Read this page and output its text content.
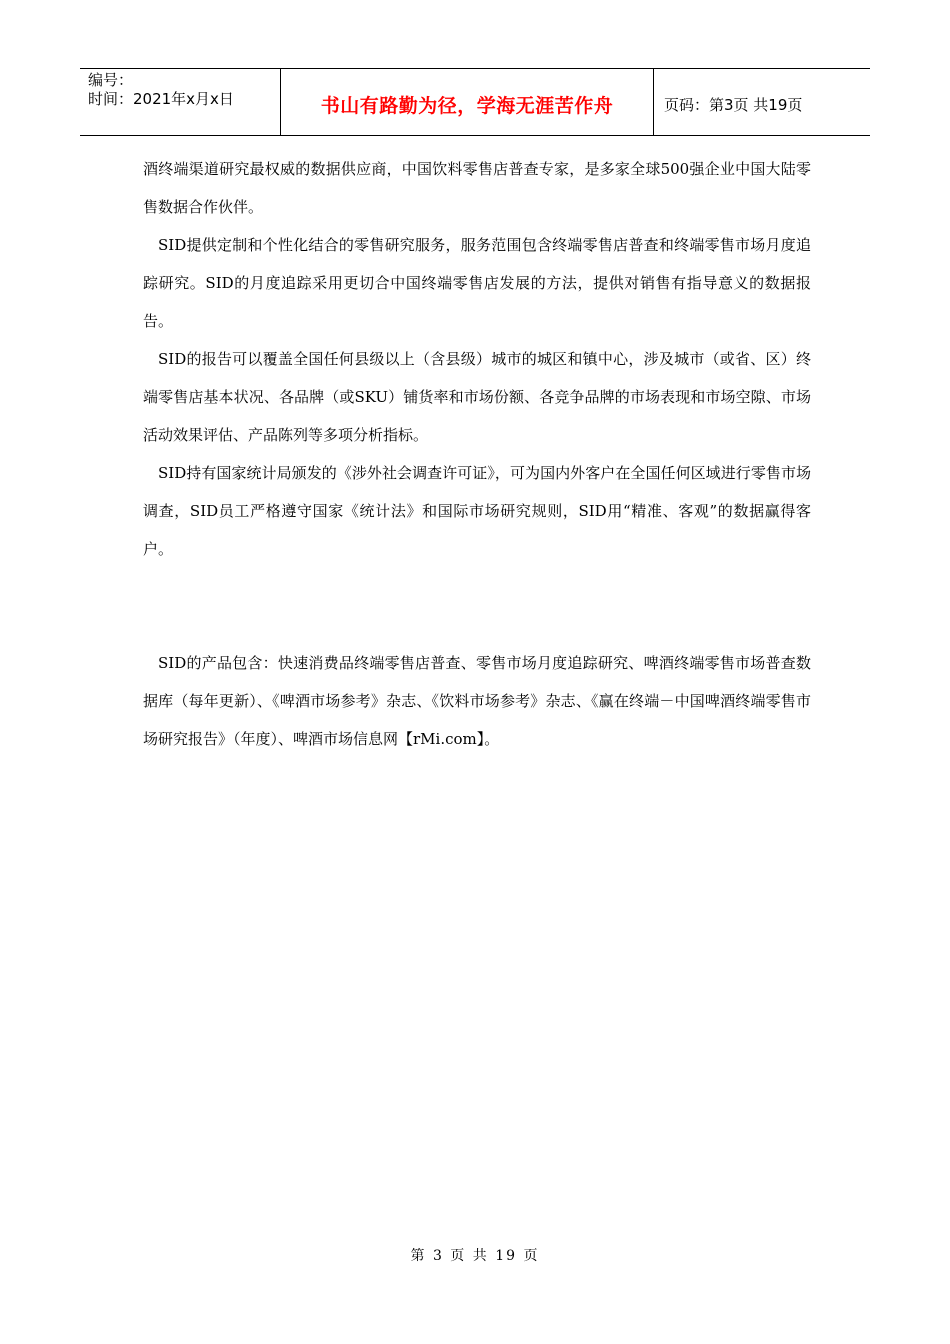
编号：
时间：2021年x月x日	书山有路勤为径，学海无涯苦作舟	页码：第3页 共19页

酒终端渠道研究最权威的数据供应商，中国饮料零售店普查专家，是多家全球500强企业中国大陆零售数据合作伙伴。

SID提供定制和个性化结合的零售研究服务，服务范围包含终端零售店普查和终端零售市场月度追踪研究。SID的月度追踪采用更切合中国终端零售店发展的方法，提供对销售有指导意义的数据报告。

SID的报告可以覆盖全国任何县级以上（含县级）城市的城区和镇中心，涉及城市（或省、区）终端零售店基本状况、各品牌（或SKU）铺货率和市场份额、各竞争品牌的市场表现和市场空隙、市场活动效果评估、产品陈列等多项分析指标。

SID持有国家统计局颁发的《涉外社会调查许可证》，可为国内外客户在全国任何区域进行零售市场调查，SID员工严格遵守国家《统计法》和国际市场研究规则，SID用“精准、客观”的数据赢得客户。

SID的产品包含：快速消费品终端零售店普查、零售市场月度追踪研究、啤酒终端零售市场普查数据库（每年更新）、《啤酒市场参考》杂志、《饮料市场参考》杂志、《赢在终端－中国啤酒终端零售市场研究报告》（年度）、啤酒市场信息网【rMi.com】。

第 3 页 共 19 页
